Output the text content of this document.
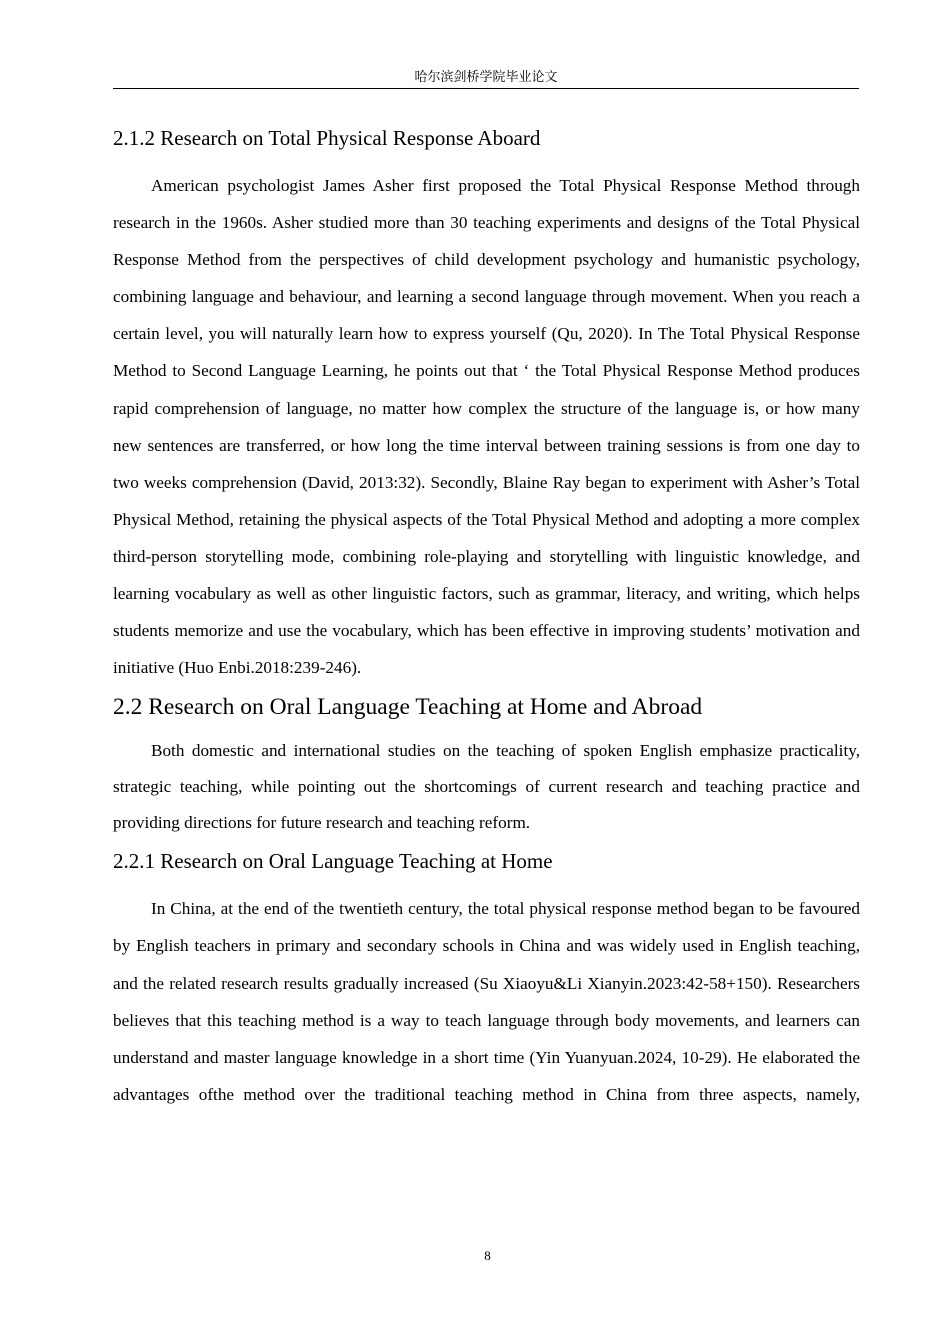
哈尔滨剑桥学院毕业论文
2.1.2 Research on Total Physical Response Aboard

American psychologist James Asher first proposed the Total Physical Response Method through research in the 1960s. Asher studied more than 30 teaching experiments and designs of the Total Physical Response Method from the perspectives of child development psychology and humanistic psychology, combining language and behaviour, and learning a second language through movement. When you reach a certain level, you will naturally learn how to express yourself (Qu, 2020). In The Total Physical Response Method to Second Language Learning, he points out that ‘ the Total Physical Response Method produces rapid comprehension of language, no matter how complex the structure of the language is, or how many new sentences are transferred, or how long the time interval between training sessions is from one day to two weeks comprehension (David, 2013:32). Secondly, Blaine Ray began to experiment with Asher’s Total Physical Method, retaining the physical aspects of the Total Physical Method and adopting a more complex third-person storytelling mode, combining role-playing and storytelling with linguistic knowledge, and learning vocabulary as well as other linguistic factors, such as grammar, literacy, and writing, which helps students memorize and use the vocabulary, which has been effective in improving students’ motivation and initiative (Huo Enbi.2018:239-246).

2.2 Research on Oral Language Teaching at Home and Abroad

Both domestic and international studies on the teaching of spoken English emphasize practicality, strategic teaching, while pointing out the shortcomings of current research and teaching practice and providing directions for future research and teaching reform.

2.2.1 Research on Oral Language Teaching at Home

In China, at the end of the twentieth century, the total physical response method began to be favoured by English teachers in primary and secondary schools in China and was widely used in English teaching, and the related research results gradually increased (Su Xiaoyu&Li Xianyin.2023:42-58+150). Researchers believes that this teaching method is a way to teach language through body movements, and learners can understand and master language knowledge in a short time (Yin Yuanyuan.2024, 10-29). He elaborated the advantages ofthe method over the traditional teaching method in China from three aspects, namely,

8
